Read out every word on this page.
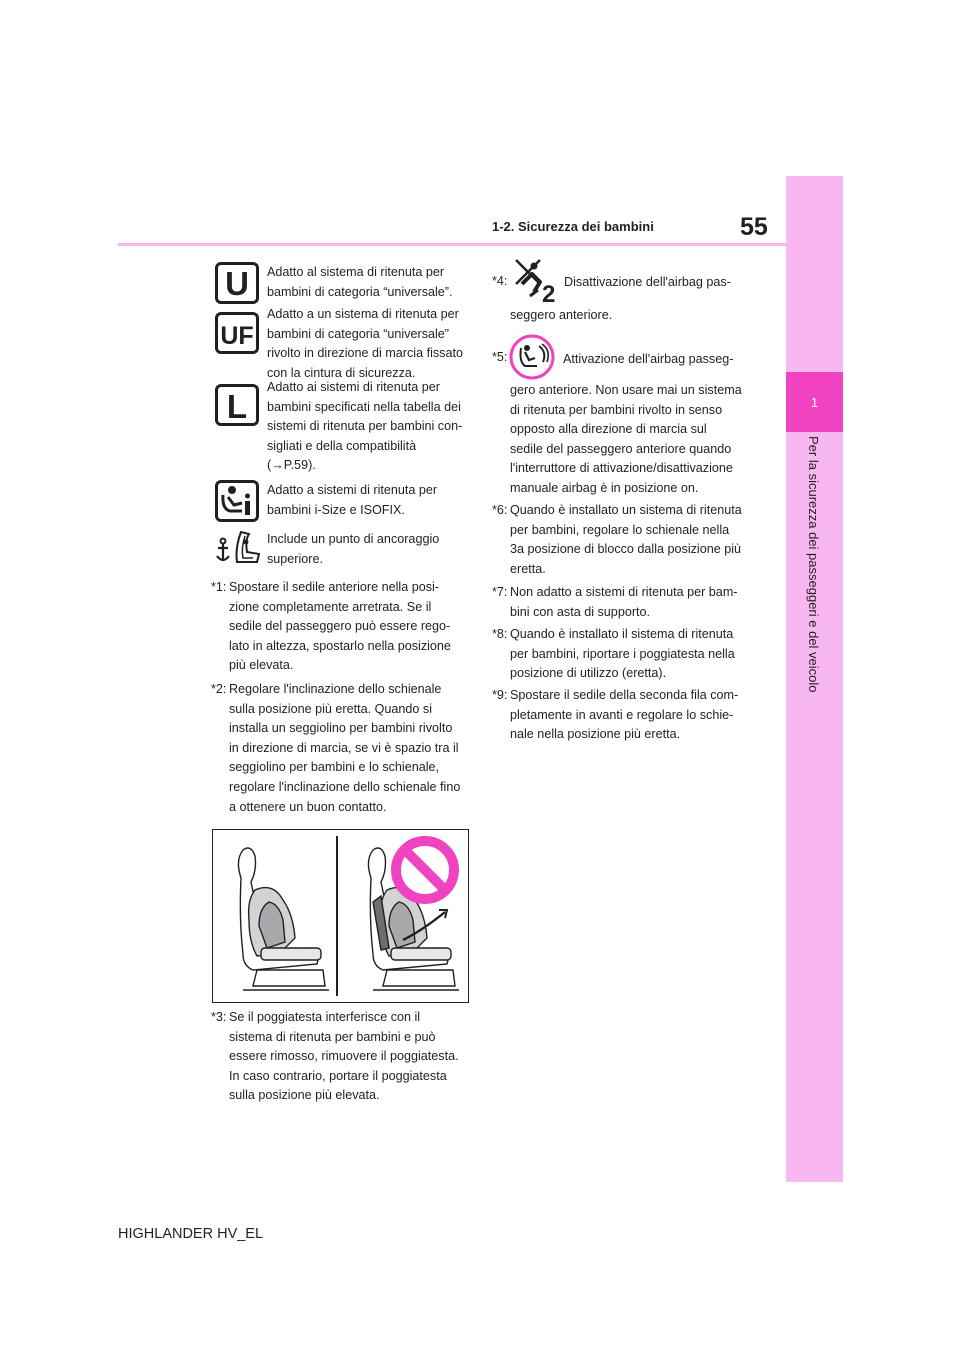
1
Per la sicurezza dei passeggeri e del veicolo
1-2. Sicurezza dei bambini	55
U Adatto al sistema di ritenuta per
bambini di categoria “universale”.
UF
Adatto a un sistema di ritenuta per
bambini di categoria “universale”
rivolto in direzione di marcia fissato
con la cintura di sicurezza.
L
Adatto ai sistemi di ritenuta per
bambini specificati nella tabella dei
sistemi di ritenuta per bambini con-
sigliati e della compatibilità
(→P.59).
Adatto a sistemi di ritenuta per
bambini i-Size e ISOFIX.
Include un punto di ancoraggio
superiore.
*1: Spostare il sedile anteriore nella posi-
zione completamente arretrata. Se il
sedile del passeggero può essere rego-
lato in altezza, spostarlo nella posizione
più elevata.
*2: Regolare l'inclinazione dello schienale
sulla posizione più eretta. Quando si
installa un seggiolino per bambini rivolto
in direzione di marcia, se vi è spazio tra il
seggiolino per bambini e lo schienale,
regolare l'inclinazione dello schienale fino
a ottenere un buon contatto.
*3: Se il poggiatesta interferisce con il
sistema di ritenuta per bambini e può
essere rimosso, rimuovere il poggiatesta.
In caso contrario, portare il poggiatesta
sulla posizione più elevata.
*4: 2 Disattivazione dell'airbag pas-
seggero anteriore.
*5:	Attivazione dell'airbag passeg-
gero anteriore. Non usare mai un sistema
di ritenuta per bambini rivolto in senso
opposto alla direzione di marcia sul
sedile del passeggero anteriore quando
l'interruttore di attivazione/disattivazione
manuale airbag è in posizione on.
*6: Quando è installato un sistema di ritenuta
per bambini, regolare lo schienale nella
3a posizione di blocco dalla posizione più
eretta.
*7: Non adatto a sistemi di ritenuta per bam-
bini con asta di supporto.
*8: Quando è installato il sistema di ritenuta
per bambini, riportare i poggiatesta nella
posizione di utilizzo (eretta).
*9: Spostare il sedile della seconda fila com-
pletamente in avanti e regolare lo schie-
nale nella posizione più eretta.
HIGHLANDER HV_EL
